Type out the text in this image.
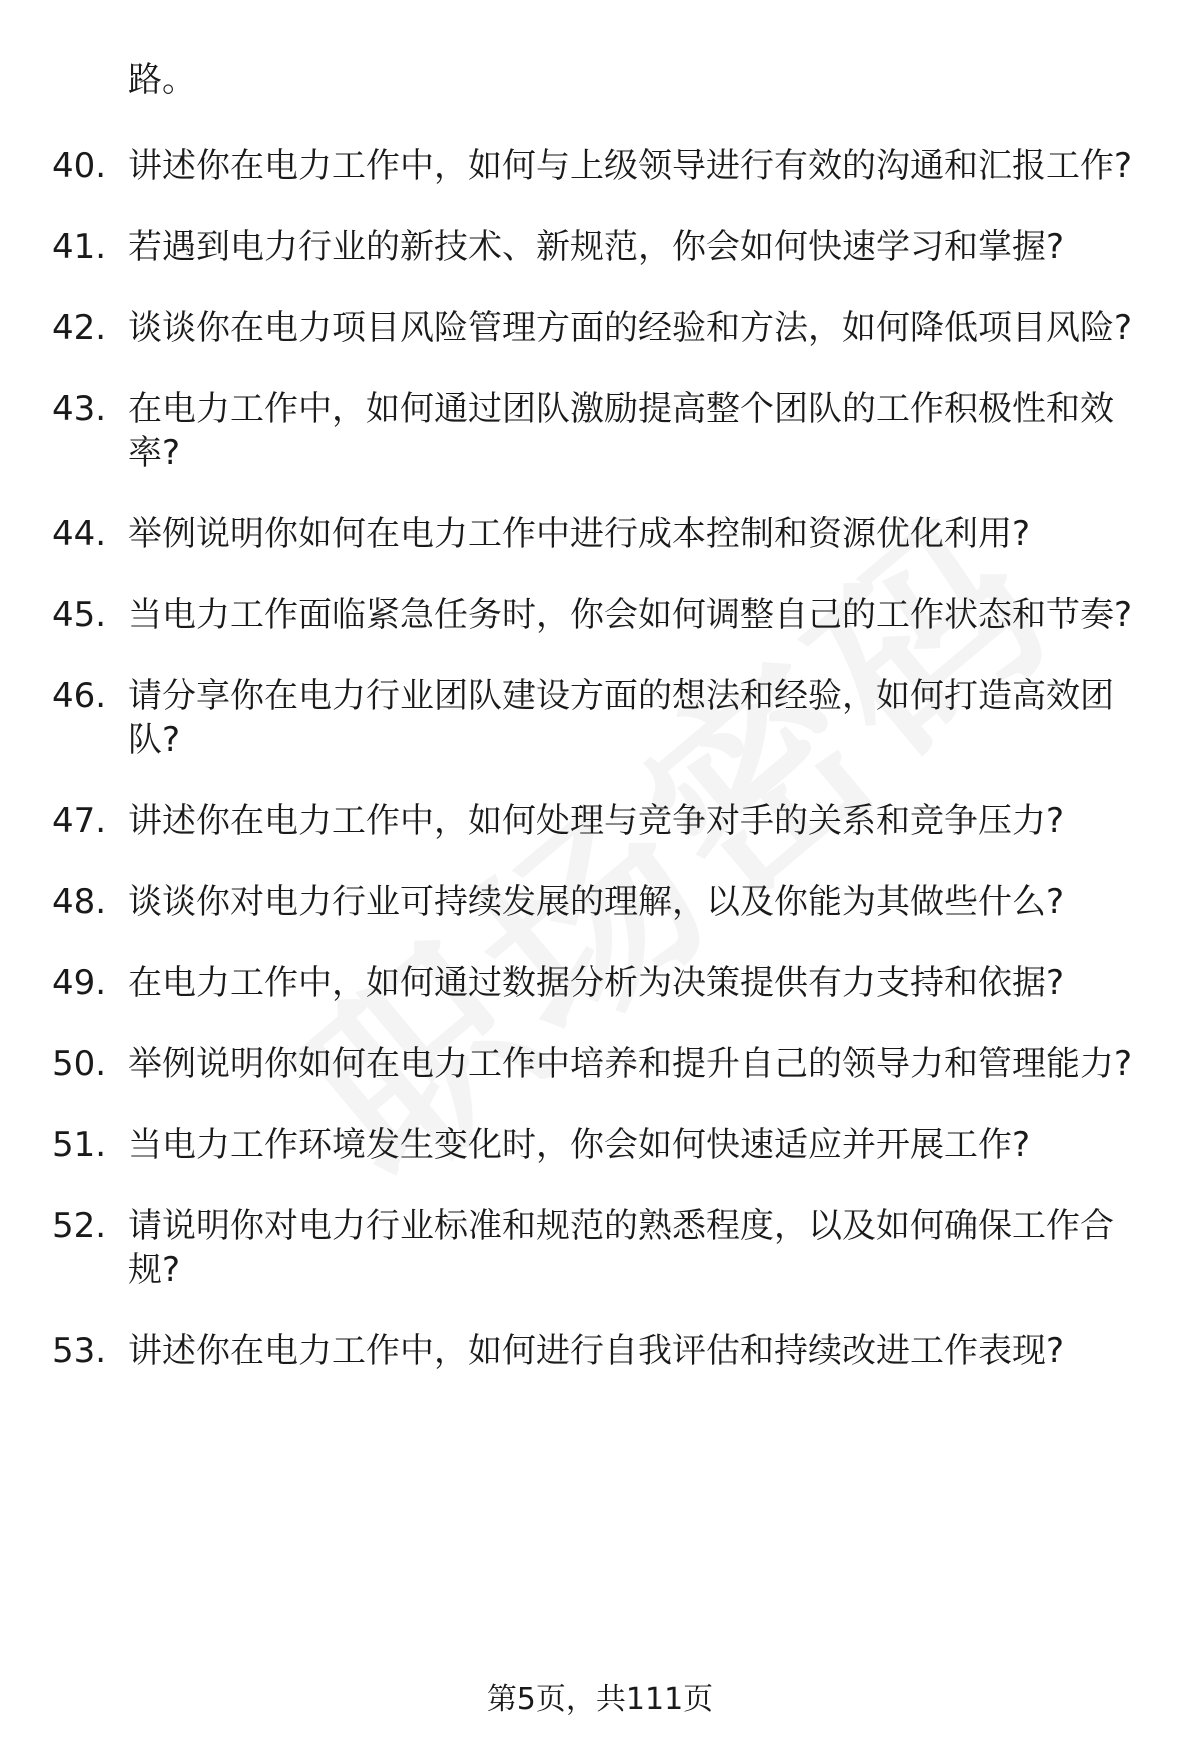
路。
40. 讲述你在电力工作中，如何与上级领导进行有效的沟通和汇报工作?
41. 若遇到电力行业的新技术、新规范，你会如何快速学习和掌握?
42. 谈谈你在电力项目风险管理方面的经验和方法，如何降低项目风险?
43. 在电力工作中，如何通过团队激励提高整个团队的工作积极性和效率?
44. 举例说明你如何在电力工作中进行成本控制和资源优化利用?
45. 当电力工作面临紧急任务时，你会如何调整自己的工作状态和节奏?
46. 请分享你在电力行业团队建设方面的想法和经验，如何打造高效团队?
47. 讲述你在电力工作中，如何处理与竞争对手的关系和竞争压力?
48. 谈谈你对电力行业可持续发展的理解，以及你能为其做些什么?
49. 在电力工作中，如何通过数据分析为决策提供有力支持和依据?
50. 举例说明你如何在电力工作中培养和提升自己的领导力和管理能力?
51. 当电力工作环境发生变化时，你会如何快速适应并开展工作?
52. 请说明你对电力行业标准和规范的熟悉程度，以及如何确保工作合规?
53. 讲述你在电力工作中，如何进行自我评估和持续改进工作表现?
第5页，共111页
